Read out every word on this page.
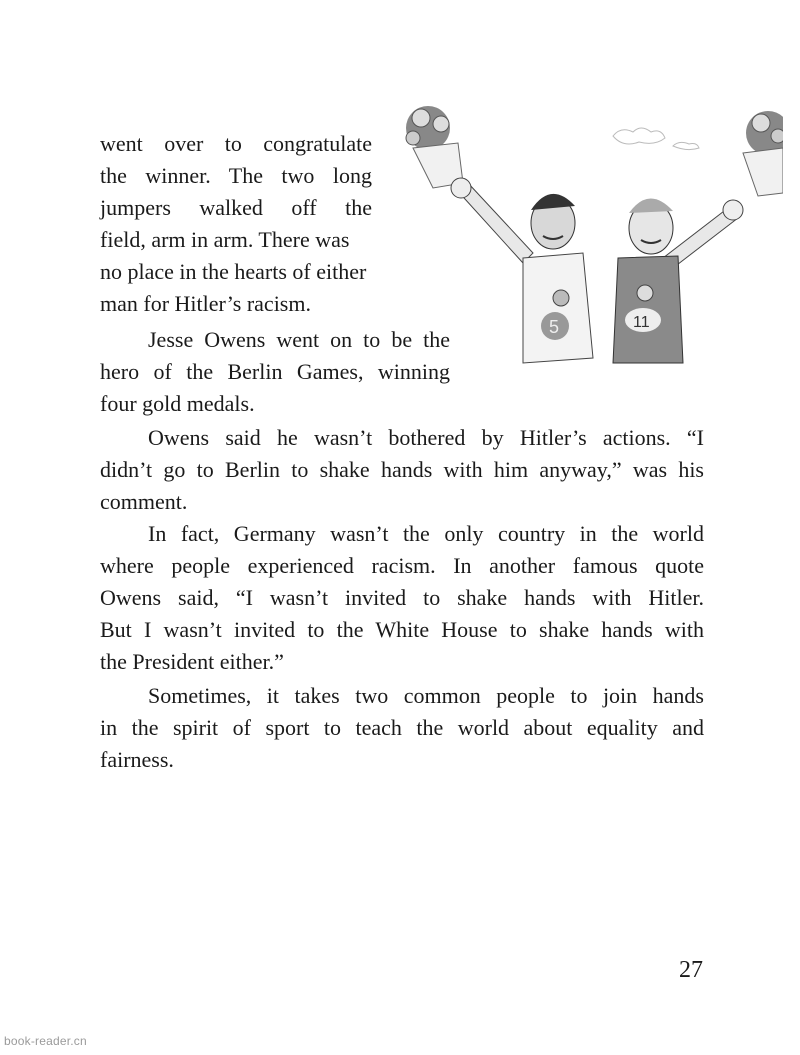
5	11
went over to congratulate
the winner. The two long
jumpers walked off the
field, arm in arm. There was
no place in the hearts of either
man for Hitler’s racism.
Jesse Owens went on to be the
hero of the Berlin Games, winning
four gold medals.
Owens said he wasn’t bothered by Hitler’s actions. “I
didn’t go to Berlin to shake hands with him anyway,” was his
comment.
In fact, Germany wasn’t the only country in the world
where people experienced racism. In another famous quote
Owens said, “I wasn’t invited to shake hands with Hitler.
But I wasn’t invited to the White House to shake hands with
the President either.”
Sometimes, it takes two common people to join hands
in the spirit of sport to teach the world about equality and
fairness.
27
book-reader.cn
